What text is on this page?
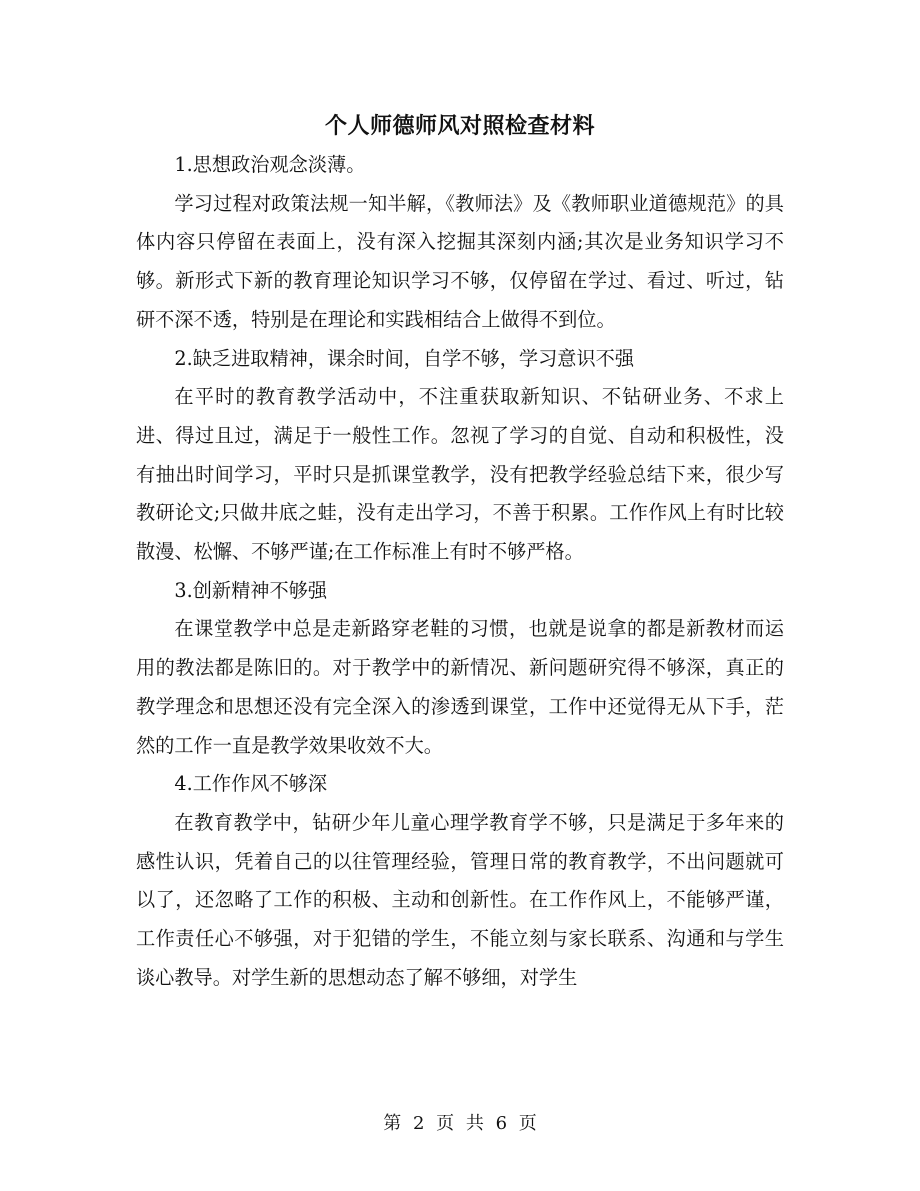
个人师德师风对照检查材料

1.思想政治观念淡薄。

学习过程对政策法规一知半解，《教师法》及《教师职业道德规范》的具体内容只停留在表面上，没有深入挖掘其深刻内涵;其次是业务知识学习不够。新形式下新的教育理论知识学习不够，仅停留在学过、看过、听过，钻研不深不透，特别是在理论和实践相结合上做得不到位。

2.缺乏进取精神，课余时间，自学不够，学习意识不强

在平时的教育教学活动中，不注重获取新知识、不钻研业务、不求上进、得过且过，满足于一般性工作。忽视了学习的自觉、自动和积极性，没有抽出时间学习，平时只是抓课堂教学，没有把教学经验总结下来，很少写教研论文;只做井底之蛙，没有走出学习，不善于积累。工作作风上有时比较散漫、松懈、不够严谨;在工作标准上有时不够严格。

3.创新精神不够强

在课堂教学中总是走新路穿老鞋的习惯，也就是说拿的都是新教材而运用的教法都是陈旧的。对于教学中的新情况、新问题研究得不够深，真正的教学理念和思想还没有完全深入的渗透到课堂，工作中还觉得无从下手，茫然的工作一直是教学效果收效不大。

4.工作作风不够深

在教育教学中，钻研少年儿童心理学教育学不够，只是满足于多年来的感性认识，凭着自己的以往管理经验，管理日常的教育教学，不出问题就可以了，还忽略了工作的积极、主动和创新性。在工作作风上，不能够严谨，工作责任心不够强，对于犯错的学生，不能立刻与家长联系、沟通和与学生谈心教导。对学生新的思想动态了解不够细，对学生

第 2 页 共 6 页
